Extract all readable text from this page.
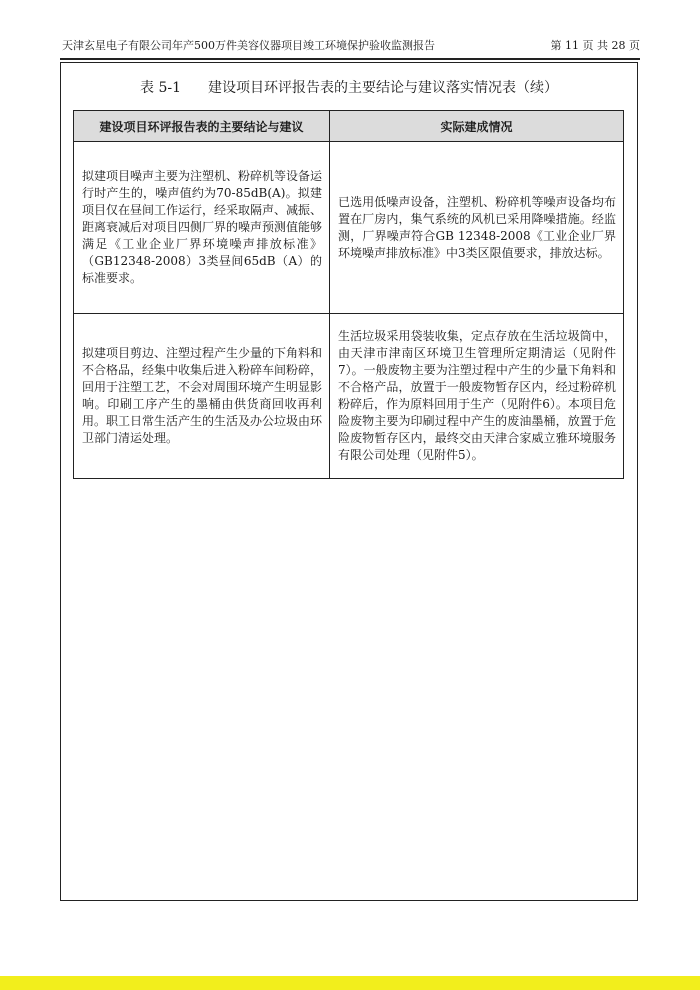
天津玄星电子有限公司年产500万件美容仪器项目竣工环境保护验收监测报告	第 11 页 共 28 页
表 5-1 建设项目环评报告表的主要结论与建议落实情况表（续）
建设项目环评报告表的主要结论与建议	实际建成情况

拟建项目噪声主要为注塑机、粉碎机等设备运行时产生的，噪声值约为70-85dB(A)。拟建项目仅在昼间工作运行，经采取隔声、减振、距离衰减后对项目四侧厂界的噪声预测值能够满足《工业企业厂界环境噪声排放标准》（GB12348-2008）3类昼间65dB（A）的标准要求。	已选用低噪声设备，注塑机、粉碎机等噪声设备均布置在厂房内，集气系统的风机已采用降噪措施。经监测，厂界噪声符合GB 12348-2008《工业企业厂界环境噪声排放标准》中3类区限值要求，排放达标。

拟建项目剪边、注塑过程产生少量的下角料和不合格品，经集中收集后进入粉碎车间粉碎，回用于注塑工艺，不会对周围环境产生明显影响。印刷工序产生的墨桶由供货商回收再利用。职工日常生活产生的生活及办公垃圾由环卫部门清运处理。	生活垃圾采用袋装收集，定点存放在生活垃圾筒中，由天津市津南区环境卫生管理所定期清运（见附件7）。一般废物主要为注塑过程中产生的少量下角料和不合格产品，放置于一般废物暂存区内，经过粉碎机粉碎后，作为原料回用于生产（见附件6）。本项目危险废物主要为印刷过程中产生的废油墨桶，放置于危险废物暂存区内，最终交由天津合家威立雅环境服务有限公司处理（见附件5）。
